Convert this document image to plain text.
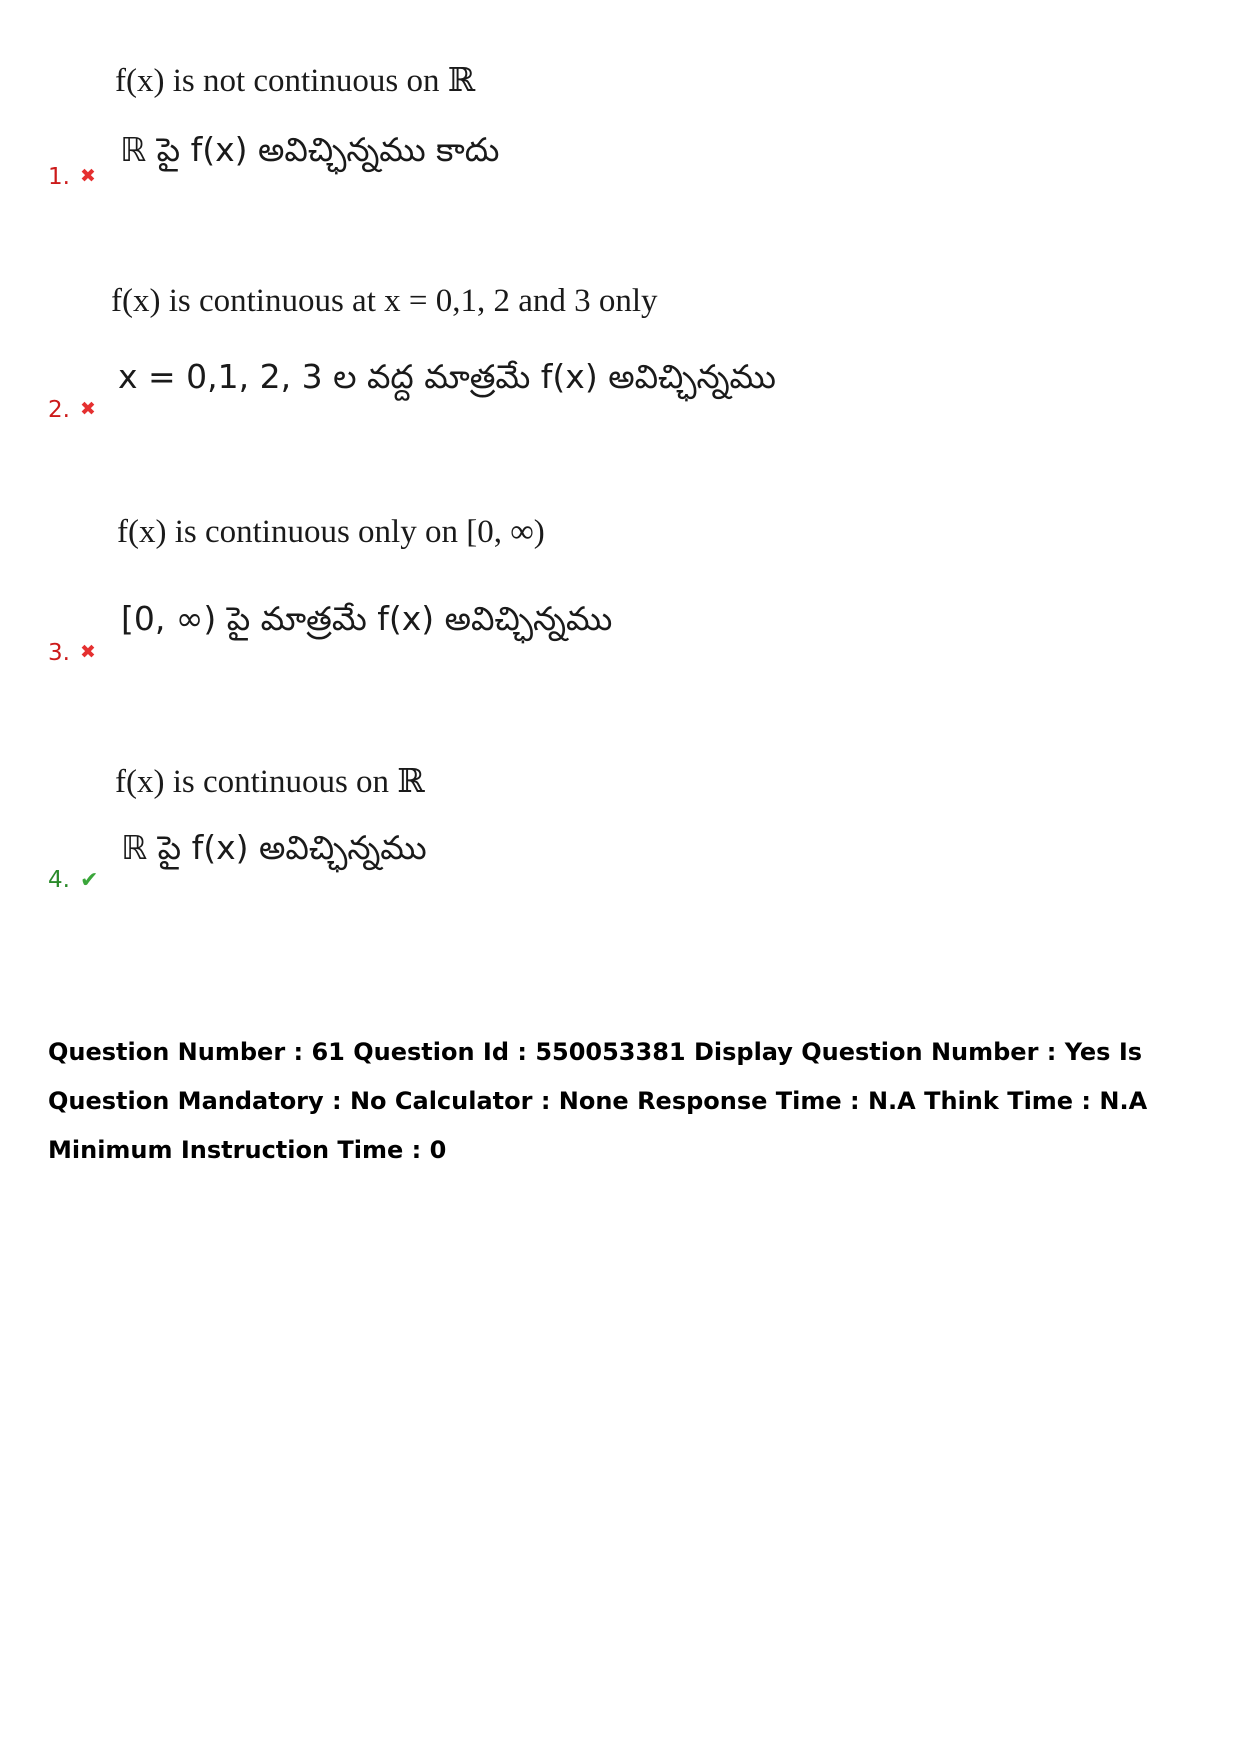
f(x) is not continuous on ℝ
ℝ పై f(x) అవిచ్ఛిన్నము కాదు
1. ✖
f(x) is continuous at x = 0,1, 2 and 3 only
x = 0,1, 2, 3 ల వద్ద మాత్రమే f(x) అవిచ్ఛిన్నము
2. ✖
f(x) is continuous only on [0, ∞)
[0, ∞) పై మాత్రమే f(x) అవిచ్ఛిన్నము
3. ✖
f(x) is continuous on ℝ
ℝ పై f(x) అవిచ్ఛిన్నము
4. ✔
Question Number : 61 Question Id : 550053381 Display Question Number : Yes Is Question Mandatory : No Calculator : None Response Time : N.A Think Time : N.A Minimum Instruction Time : 0
